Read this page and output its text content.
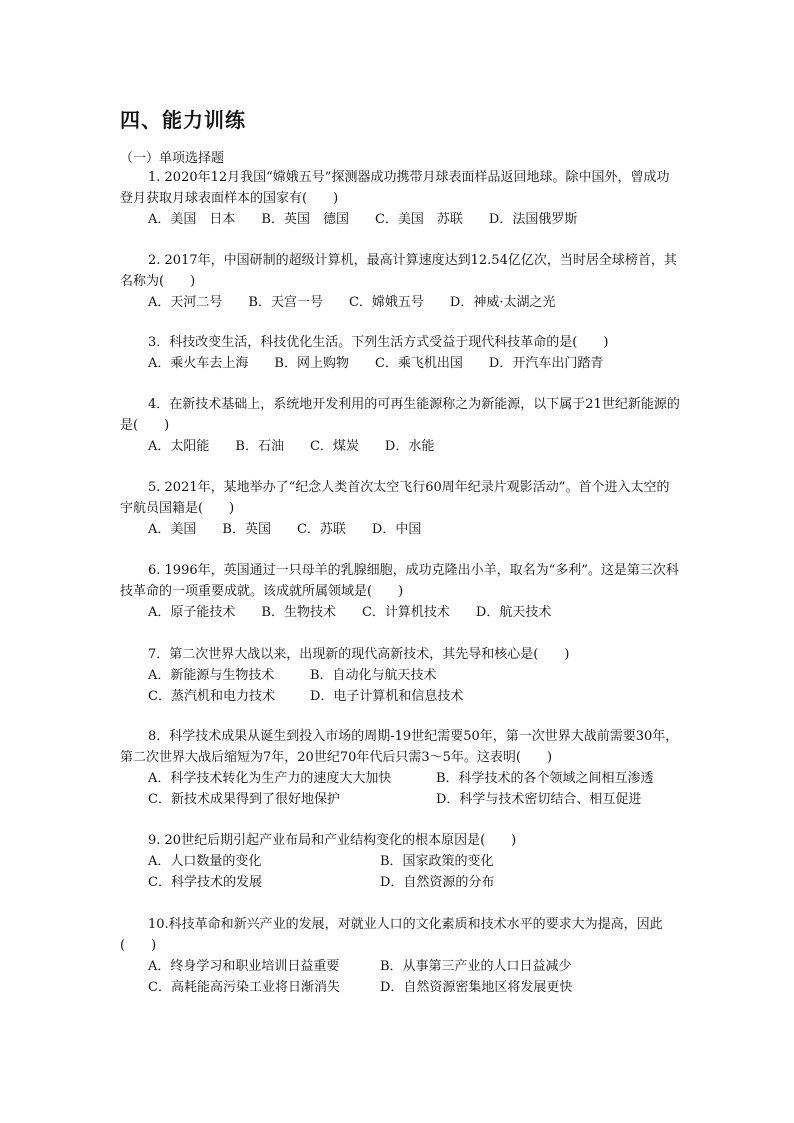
四、能力训练
（一）单项选择题

1. 2020年12月我国“嫦娥五号”探测器成功携带月球表面样品返回地球。除中国外，曾成功登月获取月球表面样本的国家有(　　)

A．美国　日本 B．英国　德国 C．美国　苏联 D．法国俄罗斯

2. 2017年，中国研制的超级计算机，最高计算速度达到12.54亿亿次，当时居全球榜首，其名称为(　　)

A．天河二号 B．天宫一号 C．嫦娥五号 D．神威·太湖之光

3．科技改变生活，科技优化生活。下列生活方式受益于现代科技革命的是(　　)

A．乘火车去上海 B．网上购物 C．乘飞机出国 D．开汽车出门踏青

4．在新技术基础上，系统地开发利用的可再生能源称之为新能源，以下属于21世纪新能源的是(　　)

A．太阳能 B．石油 C．煤炭 D．水能

5. 2021年，某地举办了“纪念人类首次太空飞行60周年纪录片观影活动”。首个进入太空的宇航员国籍是(　　)

A．美国 B．英国 C．苏联 D．中国

6. 1996年，英国通过一只母羊的乳腺细胞，成功克隆出小羊，取名为“多利”。这是第三次科技革命的一项重要成就。该成就所属领域是(　　)

A．原子能技术 B．生物技术 C．计算机技术 D．航天技术

7．第二次世界大战以来，出现新的现代高新技术，其先导和核心是(　　)

A．新能源与生物技术	B．自动化与航天技术
C．蒸汽机和电力技术	D．电子计算机和信息技术

8．科学技术成果从诞生到投入市场的周期-19世纪需要50年，第一次世界大战前需要30年，第二次世界大战后缩短为7年，20世纪70年代后只需3～5年。这表明(　　)

A．科学技术转化为生产力的速度大大加快	B．科学技术的各个领域之间相互渗透
C．新技术成果得到了很好地保护	D．科学与技术密切结合、相互促进

9. 20世纪后期引起产业布局和产业结构变化的根本原因是(　　)

A．人口数量的变化	B．国家政策的变化
C．科学技术的发展	D．自然资源的分布

10.科技革命和新兴产业的发展，对就业人口的文化素质和技术水平的要求大为提高，因此(　　)

A．终身学习和职业培训日益重要	B．从事第三产业的人口日益减少
C．高耗能高污染工业将日渐消失	D．自然资源密集地区将发展更快
